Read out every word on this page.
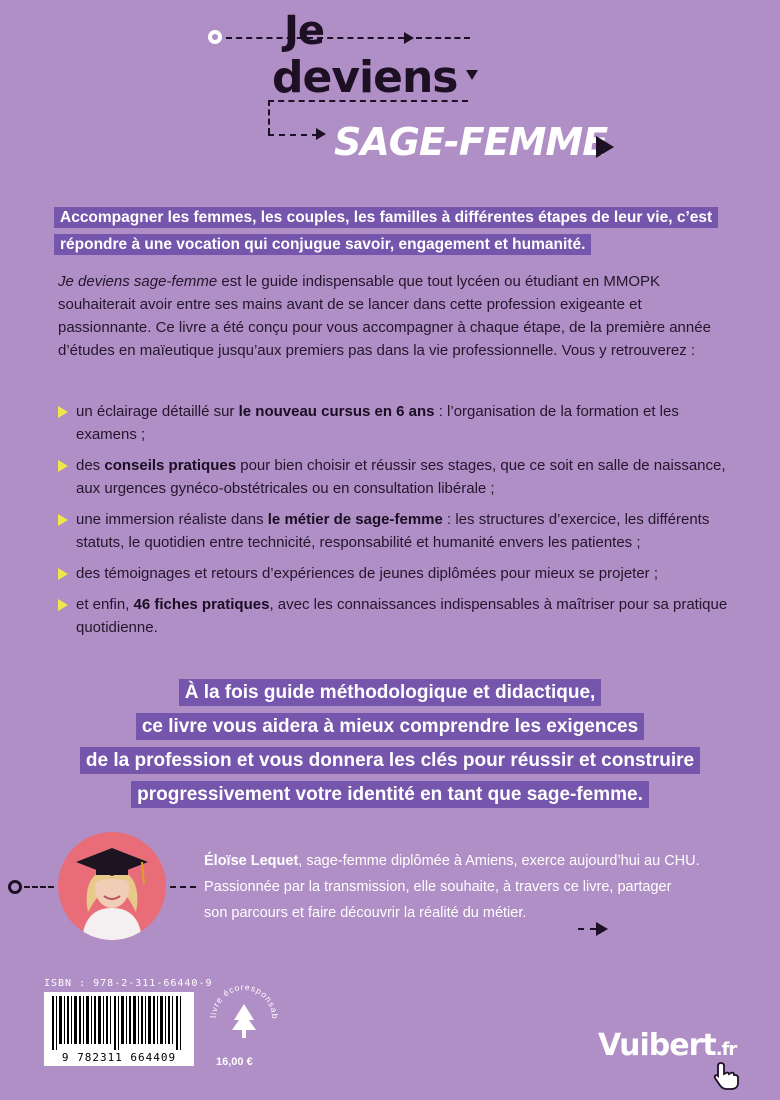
Je
deviens
SAGE-FEMME
Accompagner les femmes, les couples, les familles à différentes étapes de leur vie, c’est répondre à une vocation qui conjugue savoir, engagement et humanité.
Je deviens sage-femme est le guide indispensable que tout lycéen ou étudiant en MMOPK souhaiterait avoir entre ses mains avant de se lancer dans cette profession exigeante et passionnante. Ce livre a été conçu pour vous accompagner à chaque étape, de la première année d’études en maïeutique jusqu’aux premiers pas dans la vie professionnelle. Vous y retrouverez :
un éclairage détaillé sur le nouveau cursus en 6 ans : l’organisation de la formation et les examens ;
des conseils pratiques pour bien choisir et réussir ses stages, que ce soit en salle de naissance, aux urgences gynéco-obstétricales ou en consultation libérale ;
une immersion réaliste dans le métier de sage-femme : les structures d’exercice, les différents statuts, le quotidien entre technicité, responsabilité et humanité envers les patientes ;
des témoignages et retours d’expériences de jeunes diplômées pour mieux se projeter ;
et enfin, 46 fiches pratiques, avec les connaissances indispensables à maîtriser pour sa pratique quotidienne.
À la fois guide méthodologique et didactique,
ce livre vous aidera à mieux comprendre les exigences
de la profession et vous donnera les clés pour réussir et construire
progressivement votre identité en tant que sage-femme.
Éloïse Lequet, sage-femme diplômée à Amiens, exerce aujourd’hui au CHU.
Passionnée par la transmission, elle souhaite, à travers ce livre, partager
son parcours et faire découvrir la réalité du métier.
ISBN : 978-2-311-66440-9
9 782311 664409
livre écoresponsab
16,00 €	Vuibert.fr
